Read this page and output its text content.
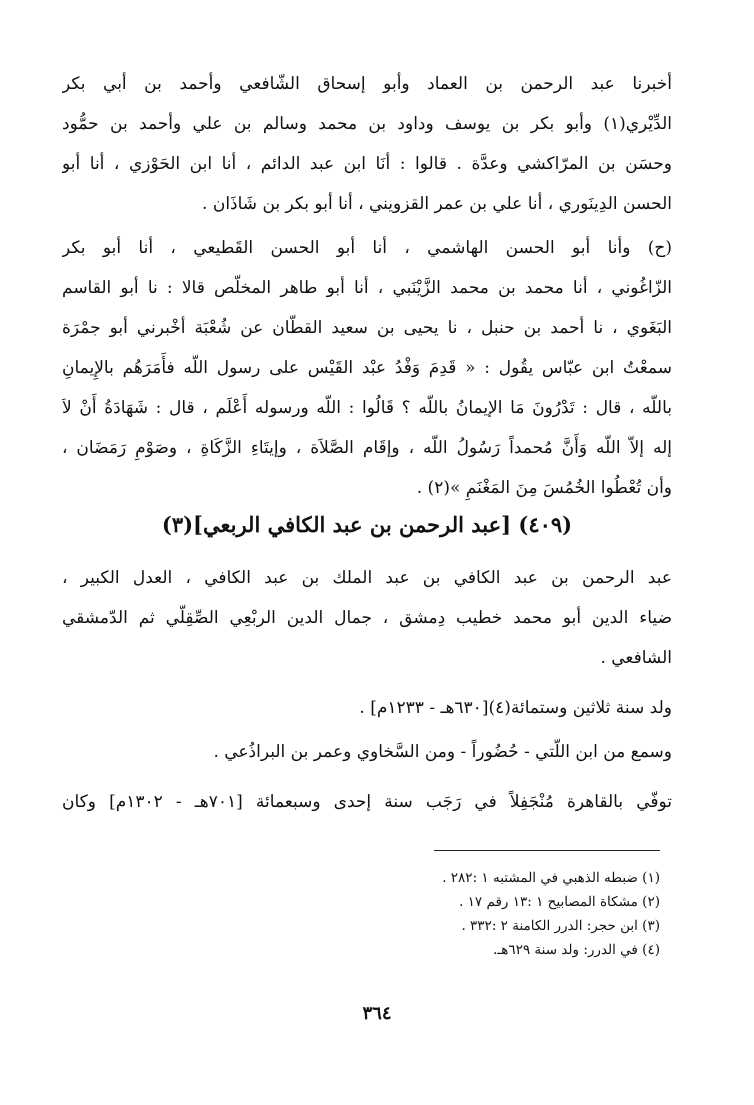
أخبرنا عبد الرحمن بن العماد وأبو إسحاق الشّافعي وأحمد بن أبي بكر
الدِّيْري(١) وأبو بكر بن يوسف وداود بن محمد وسالم بن علي وأحمد بن حمُّود
وحسَن بن المرّاكشي وعدَّة . قالوا : أنَا ابن عبد الدائم ، أنا ابن الحَوْزي ، أنا أبو
الحسن الدِينَوري ، أنا علي بن عمر القزويني ، أنا أبو بكر بن شَاذَان .
(ح) وأنا أبو الحسن الهاشمي ، أنا أبو الحسن القَطيعي ، أنا أبو بكر
الزّاغُوني ، أنا محمد بن محمد الزَّيْنَبي ، أنا أبو طاهر المخلّص قالا : نا أبو القاسم
البَغَوي ، نا أحمد بن حنبل ، نا يحيى بن سعيد القطّان عن شُعْبَة أخْبرني أبو جمْرَة
سمعْتُ ابن عبّاس يقُول : « قَدِمَ وَفْدُ عبْد القَيْس على رسول اللّه فأَمَرَهُم بالإِيمانِ
باللّه ، قال : تَدْرُونَ مَا الإيمانُ باللّه ؟ قَالُوا : اللّه ورسوله أَعْلَم ، قال : شَهَادَةُ أَنْ لاَ
إله إلاّ اللّه وَأَنَّ مُحمداً رَسُولُ اللّه ، وإقَام الصَّلاَة ، وإيتَاءِ الزَّكَاةِ ، وصَوْمِ رَمَضَان ،
وأن تُعْطُوا الخُمُسَ مِنَ المَغْنَمِ »(٢) .
(٤٠٩) [عبد الرحمن بن عبد الكافي الربعي](٣)
عبد الرحمن بن عبد الكافي بن عبد الملك بن عبد الكافي ، العدل الكبير ،
ضياء الدين أبو محمد خطيب دِمشق ، جمال الدين الربْعِي الصِّقِلّي ثم الدّمشقي
الشافعي .
ولد سنة ثلاثين وستمائة(٤)[٦٣٠هـ - ١٢٣٣م] .
وسمع من ابن اللّتي - حُضُوراً - ومن السَّخاوي وعمر بن البراذُعي .
توفّي بالقاهرة مُنْجَفِلاً في رَجَب سنة إحدى وسبعمائة [٧٠١هـ - ١٣٠٢م] وكان
(١) ضبطه الذهبي في المشتبه ١ :٢٨٢ .
(٢) مشكاة المصابيح ١ :١٣ رقم ١٧ .
(٣) ابن حجر: الدرر الكامنة ٢ :٣٣٢ .
(٤) في الدرر: ولد سنة ٦٢٩هـ.
٣٦٤
